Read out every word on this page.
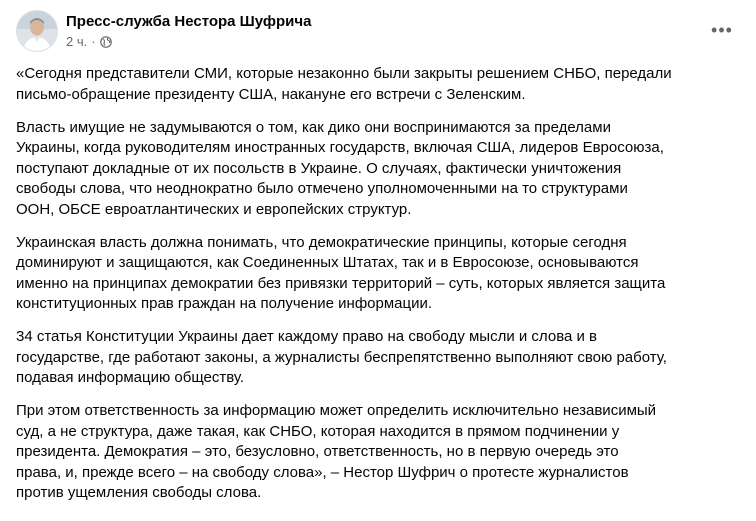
Пресс-служба Нестора Шуфрича
2 ч. ·
•••

«Сегодня представители СМИ, которые незаконно были закрыты решением СНБО, передали
письмо-обращение президенту США, накануне его встречи с Зеленским.

Власть имущие не задумываются о том, как дико они воспринимаются за пределами
Украины, когда руководителям иностранных государств, включая США, лидеров Евросоюза,
поступают докладные от их посольств в Украине. О случаях, фактически уничтожения
свободы слова, что неоднократно было отмечено уполномоченными на то структурами
ООН, ОБСЕ евроатлантических и европейских структур.

Украинская власть должна понимать, что демократические принципы, которые сегодня
доминируют и защищаются, как Соединенных Штатах, так и в Евросоюзе, основываются
именно на принципах демократии без привязки территорий – суть, которых является защита
конституционных прав граждан на получение информации.

34 статья Конституции Украины дает каждому право на свободу мысли и слова и в
государстве, где работают законы, а журналисты беспрепятственно выполняют свою работу,
подавая информацию обществу.

При этом ответственность за информацию может определить исключительно независимый
суд, а не структура, даже такая, как СНБО, которая находится в прямом подчинении у
президента. Демократия – это, безусловно, ответственность, но в первую очередь это
права, и, прежде всего – на свободу слова», – Нестор Шуфрич о протесте журналистов
против ущемления свободы слова.
